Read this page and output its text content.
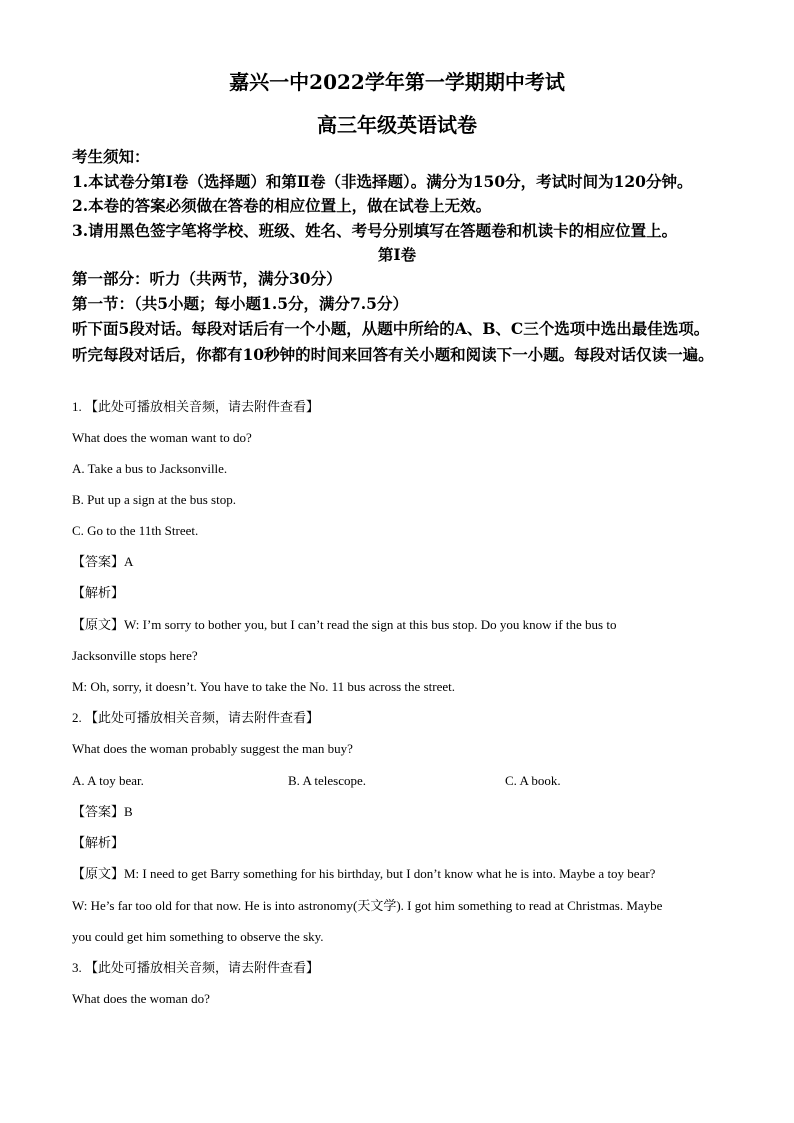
嘉兴一中2022学年第一学期期中考试
高三年级英语试卷
考生须知：
1.本试卷分第Ⅰ卷（选择题）和第Ⅱ卷（非选择题）。满分为150分，考试时间为120分钟。
2.本卷的答案必须做在答卷的相应位置上，做在试卷上无效。
3.请用黑色签字笔将学校、班级、姓名、考号分别填写在答题卷和机读卡的相应位置上。
第Ⅰ卷
第一部分：听力（共两节，满分30分）
第一节：（共5小题；每小题1.5分，满分7.5分）
听下面5段对话。每段对话后有一个小题，从题中所给的A、B、C三个选项中选出最佳选项。听完每段对话后，你都有10秒钟的时间来回答有关小题和阅读下一小题。每段对话仅读一遍。
1. 【此处可播放相关音频，请去附件查看】
What does the woman want to do?
A. Take a bus to Jacksonville.
B. Put up a sign at the bus stop.
C. Go to the 11th Street.
【答案】A
【解析】
【原文】W: I’m sorry to bother you, but I can’t read the sign at this bus stop. Do you know if the bus to
Jacksonville stops here?
M: Oh, sorry, it doesn’t. You have to take the No. 11 bus across the street.
2. 【此处可播放相关音频，请去附件查看】
What does the woman probably suggest the man buy?
A. A toy bear.	B. A telescope.	C. A book.
【答案】B
【解析】
【原文】M: I need to get Barry something for his birthday, but I don’t know what he is into. Maybe a toy bear?
W: He’s far too old for that now. He is into astronomy(天文学). I got him something to read at Christmas. Maybe
you could get him something to observe the sky.
3. 【此处可播放相关音频，请去附件查看】
What does the woman do?
